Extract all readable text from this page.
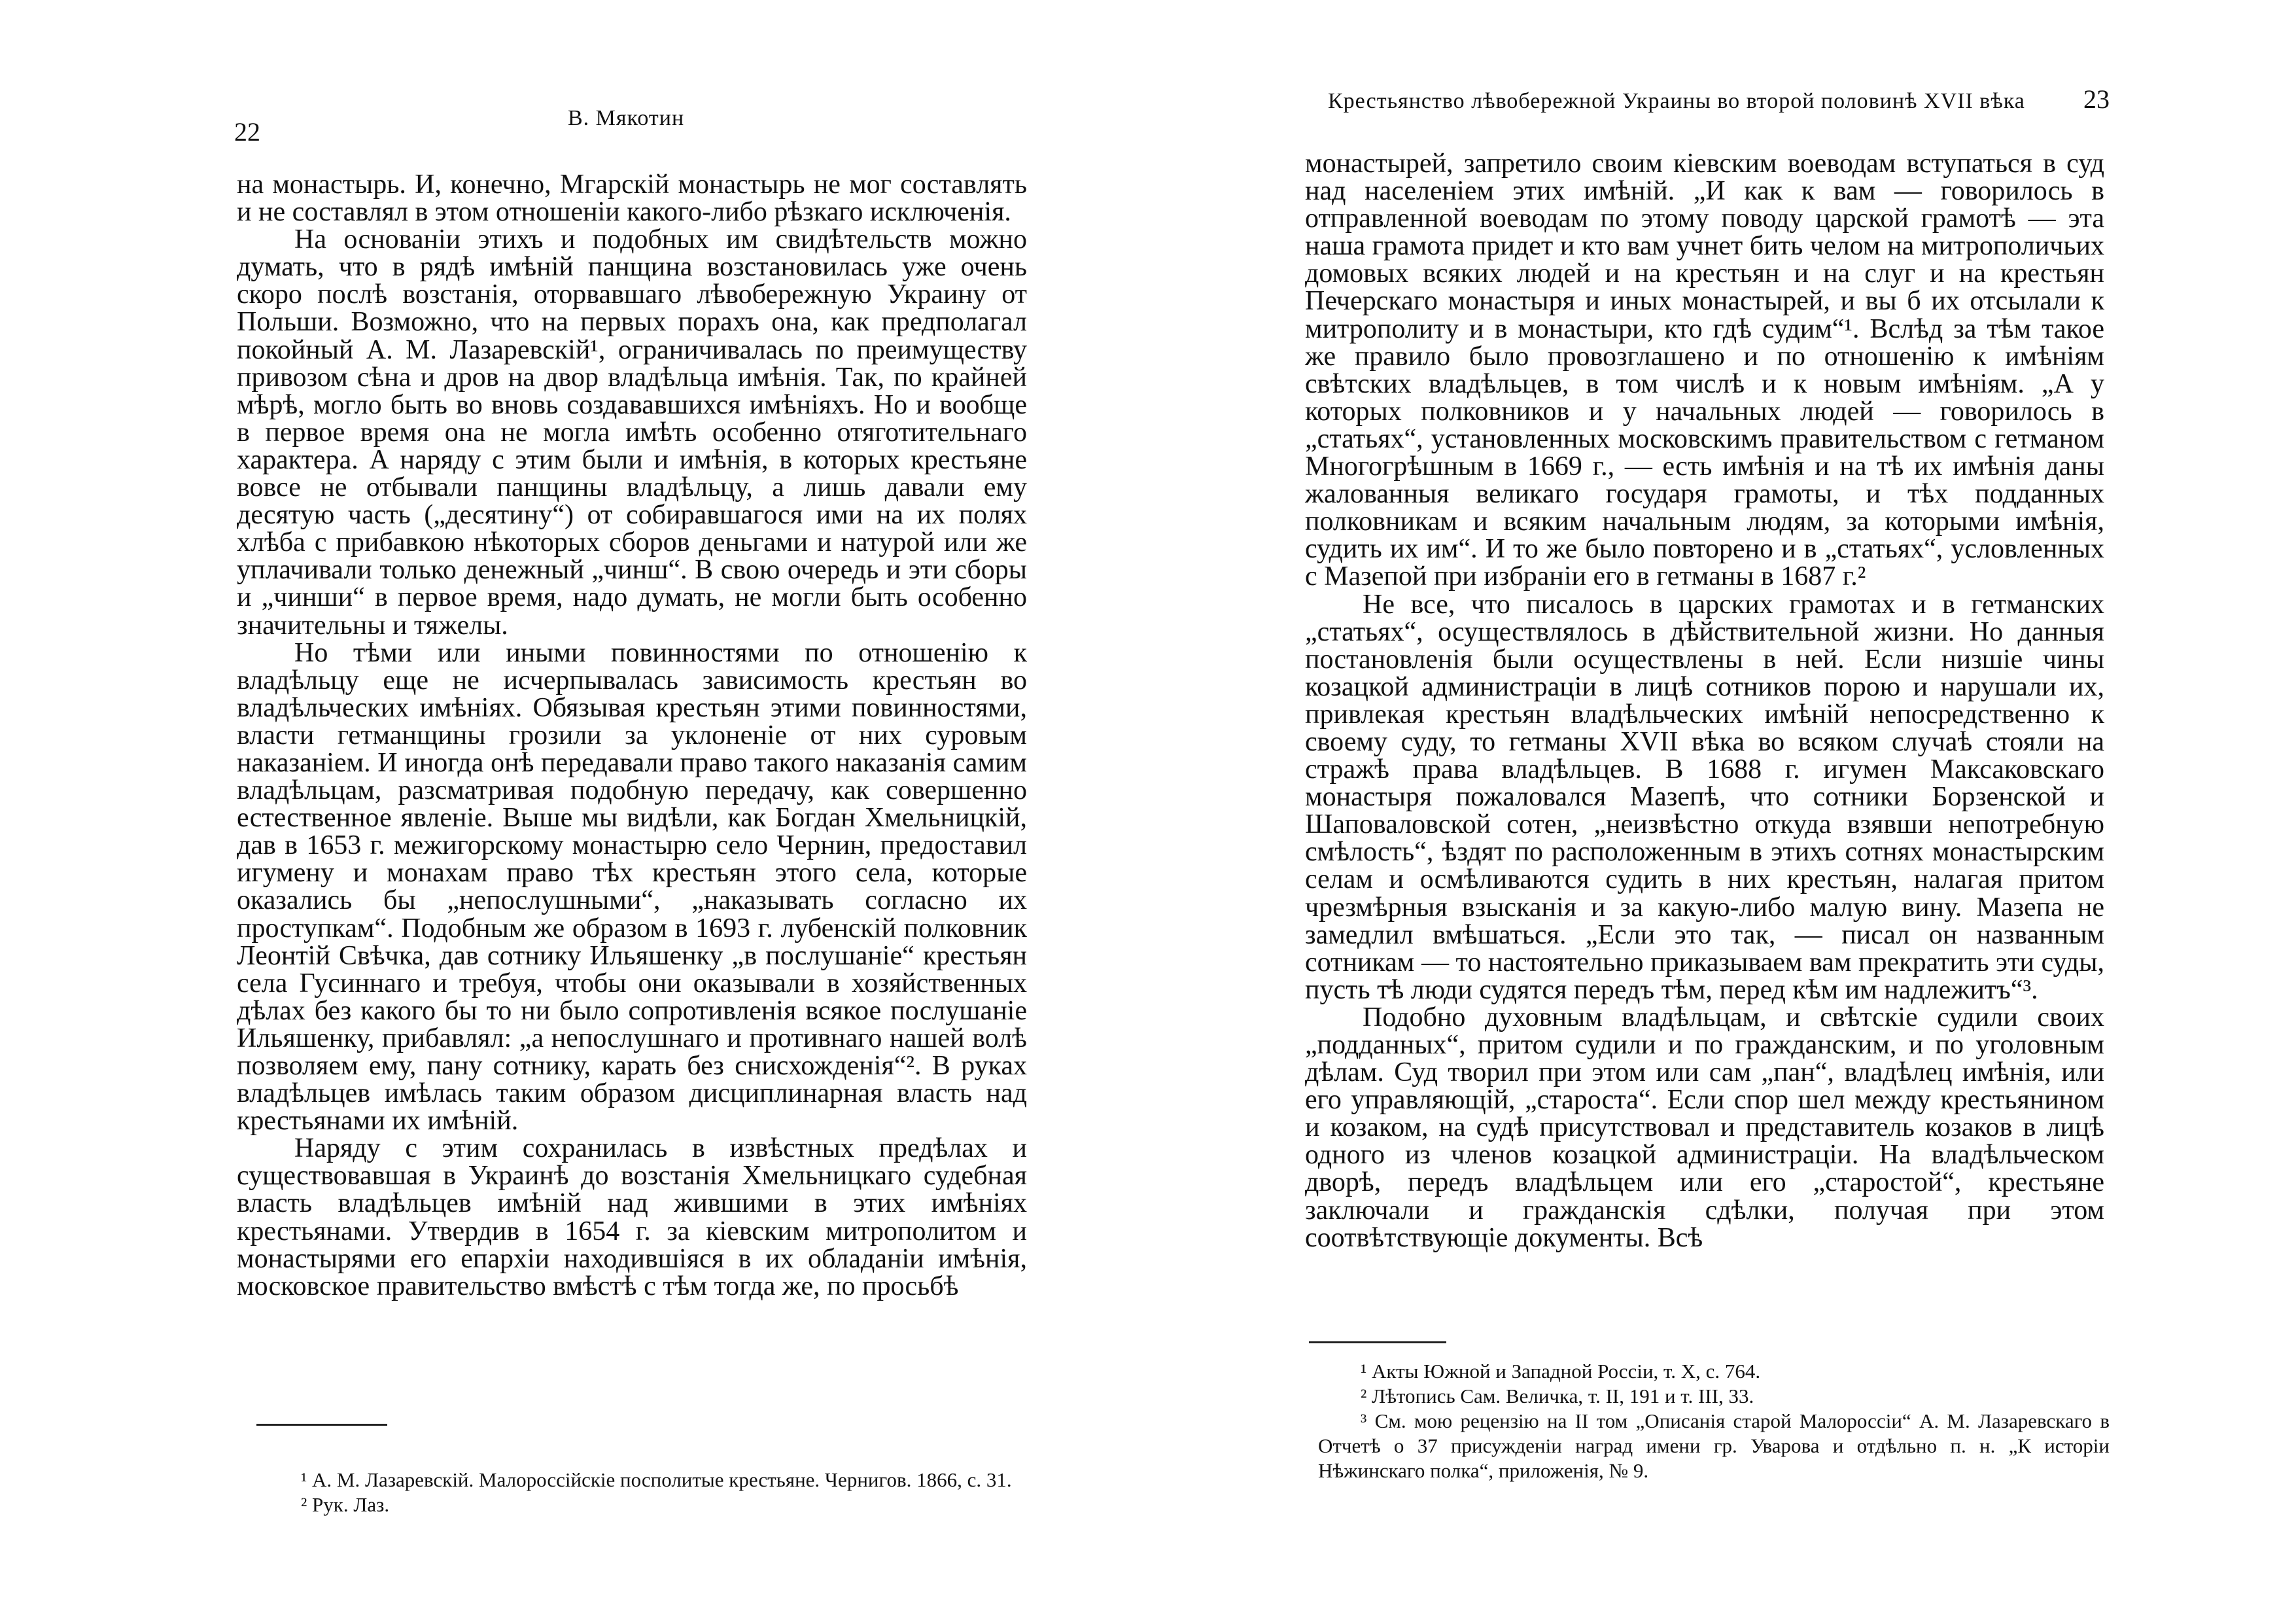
22	В. Мякотин

на монастырь. И, конечно, Мгарскій монастырь не мог составлять и не составлял в этом отношеніи какого-либо рѣзкаго исключенія.

На основаніи этихъ и подобных им свидѣтельств можно думать, что в рядѣ имѣній панщина возстановилась уже очень скоро послѣ возстанія, оторвавшаго лѣвобережную Украину от Польши. Возможно, что на первых порахъ она, как предполагал покойный А. М. Лазаревскій¹, ограничивалась по преимуществу привозом сѣна и дров на двор владѣльца имѣнія. Так, по крайней мѣрѣ, могло быть во вновь создававшихся имѣніяхъ. Но и вообще в первое время она не могла имѣть особенно отяготительнаго характера. А наряду с этим были и имѣнія, в которых крестьяне вовсе не отбывали панщины владѣльцу, а лишь давали ему десятую часть („десятину“) от собиравшагося ими на их полях хлѣба с прибавкою нѣкоторых сборов деньгами и натурой или же уплачивали только денежный „чинш“. В свою очередь и эти сборы и „чинши“ в первое время, надо думать, не могли быть особенно значительны и тяжелы.

Но тѣми или иными повинностями по отношенію к владѣльцу еще не исчерпывалась зависимость крестьян во владѣльческих имѣніях. Обязывая крестьян этими повинностями, власти гетманщины грозили за уклоненіе от них суровым наказаніем. И иногда онѣ передавали право такого наказанія самим владѣльцам, разсматривая подобную передачу, как совершенно естественное явленіе. Выше мы видѣли, как Богдан Хмельницкій, дав в 1653 г. межигорскому монастырю село Чернин, предоставил игумену и монахам право тѣх крестьян этого села, которые оказались бы „непослушными“, „наказывать согласно их проступкам“. Подобным же образом в 1693 г. лубенскій полковник Леонтій Свѣчка, дав сотнику Ильяшенку „в послушаніе“ крестьян села Гусиннаго и требуя, чтобы они оказывали в хозяйственных дѣлах без какого бы то ни было сопротивленія всякое послушаніе Ильяшенку, прибавлял: „а непослушнаго и противнаго нашей волѣ позволяем ему, пану сотнику, карать без снисхожденія“². В руках владѣльцев имѣлась таким образом дисциплинарная власть над крестьянами их имѣній.

Наряду с этим сохранилась в извѣстных предѣлах и существовавшая в Украинѣ до возстанія Хмельницкаго судебная власть владѣльцев имѣній над жившими в этих имѣніях крестьянами. Утвердив в 1654 г. за кіевским митрополитом и монастырями его епархіи находившіяся в их обладаніи имѣнія, московское правительство вмѣстѣ с тѣм тогда же, по просьбѣ

¹ А. М. Лазаревскій. Малороссійскіе посполитые крестьяне. Чернигов. 1866, с. 31.

² Рук. Лаз.

Крестьянство лѣвобережной Украины во второй половинѣ XVII вѣка 23

монастырей, запретило своим кіевским воеводам вступаться в суд над населеніем этих имѣній. „И как к вам — говорилось в отправленной воеводам по этому поводу царской грамотѣ — эта наша грамота придет и кто вам учнет бить челом на митрополичьих домовых всяких людей и на крестьян и на слуг и на крестьян Печерскаго монастыря и иных монастырей, и вы б их отсылали к митрополиту и в монастыри, кто гдѣ судим“¹. Вслѣд за тѣм такое же правило было провозглашено и по отношенію к имѣніям свѣтских владѣльцев, в том числѣ и к новым имѣніям. „А у которых полковников и у начальных людей — говорилось в „статьях“, установленных московскимъ правительством с гетманом Многогрѣшным в 1669 г., — есть имѣнія и на тѣ их имѣнія даны жалованныя великаго государя грамоты, и тѣх подданных полковникам и всяким начальным людям, за которыми имѣнія, судить их им“. И то же было повторено и в „статьях“, условленных с Мазепой при избраніи его в гетманы в 1687 г.²

Не все, что писалось в царских грамотах и в гетманских „статьях“, осуществлялось в дѣйствительной жизни. Но данныя постановленія были осуществлены в ней. Если низшіе чины козацкой администраціи в лицѣ сотников порою и нарушали их, привлекая крестьян владѣльческих имѣній непосредственно к своему суду, то гетманы XVII вѣка во всяком случаѣ стояли на стражѣ права владѣльцев. В 1688 г. игумен Максаковскаго монастыря пожаловался Мазепѣ, что сотники Борзенской и Шаповаловской сотен, „неизвѣстно откуда взявши непотребную смѣлость“, ѣздят по расположенным в этихъ сотнях монастырским селам и осмѣливаются судить в них крестьян, налагая притом чрезмѣрныя взысканія и за какую-либо малую вину. Мазепа не замедлил вмѣшаться. „Если это так, — писал он названным сотникам — то настоятельно приказываем вам прекратить эти суды, пусть тѣ люди судятся передъ тѣм, перед кѣм им надлежитъ“³.

Подобно духовным владѣльцам, и свѣтскіе судили своих „подданных“, притом судили и по гражданским, и по уголовным дѣлам. Суд творил при этом или сам „пан“, владѣлец имѣнія, или его управляющій, „староста“. Если спор шел между крестьянином и козаком, на судѣ присутствовал и представитель козаков в лицѣ одного из членов козацкой администраціи. На владѣльческом дворѣ, передъ владѣльцем или его „старостой“, крестьяне заключали и гражданскія сдѣлки, получая при этом соотвѣтствующіе документы. Всѣ

¹ Акты Южной и Западной Россіи, т. X, с. 764.

² Лѣтопись Сам. Величка, т. II, 191 и т. III, 33.

³ См. мою рецензію на II том „Описанія старой Малороссіи“ А. М. Лазаревскаго в Отчетѣ о 37 присужденіи наград имени гр. Уварова и отдѣльно п. н. „К исторіи Нѣжинскаго полка“, приложенія, № 9.
